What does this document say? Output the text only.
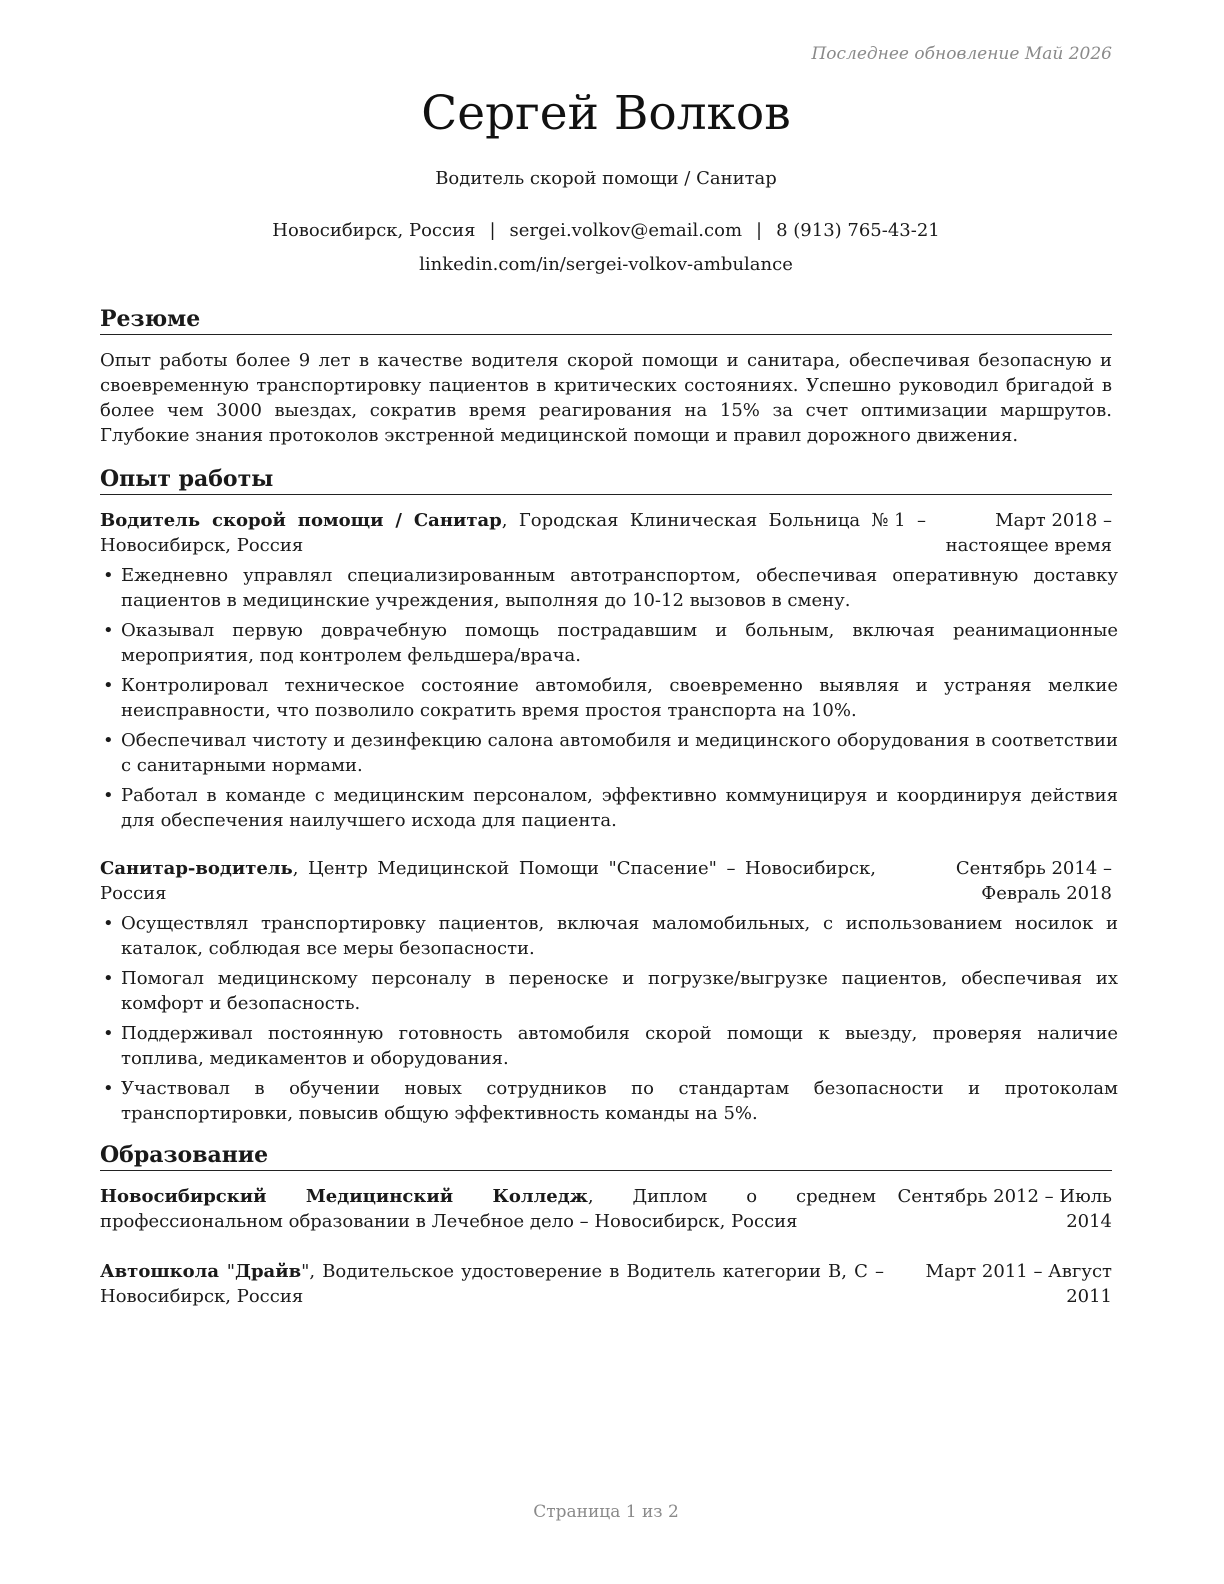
Последнее обновление Май 2026
Сергей Волков
Водитель скорой помощи / Санитар
Новосибирск, Россия | sergei.volkov@email.com | 8 (913) 765-43-21
linkedin.com/in/sergei-volkov-ambulance
Резюме
Опыт работы более 9 лет в качестве водителя скорой помощи и санитара, обеспечивая безопасную и своевременную транспортировку пациентов в критических состояниях. Успешно руководил бригадой в более чем 3000 выездах, сократив время реагирования на 15% за счет оптимизации маршрутов. Глубокие знания протоколов экстренной медицинской помощи и правил дорожного движения.
Опыт работы
Водитель скорой помощи / Санитар, Городская Клиническая Больница №1 – Новосибирск, Россия
Март 2018 – настоящее время
• Ежедневно управлял специализированным автотранспортом, обеспечивая оперативную доставку пациентов в медицинские учреждения, выполняя до 10-12 вызовов в смену.
• Оказывал первую доврачебную помощь пострадавшим и больным, включая реанимационные мероприятия, под контролем фельдшера/врача.
• Контролировал техническое состояние автомобиля, своевременно выявляя и устраняя мелкие неисправности, что позволило сократить время простоя транспорта на 10%.
• Обеспечивал чистоту и дезинфекцию салона автомобиля и медицинского оборудования в соответствии с санитарными нормами.
• Работал в команде с медицинским персоналом, эффективно коммуницируя и координируя действия для обеспечения наилучшего исхода для пациента.
Санитар-водитель, Центр Медицинской Помощи "Спасение" – Новосибирск, Россия
Сентябрь 2014 – Февраль 2018
• Осуществлял транспортировку пациентов, включая маломобильных, с использованием носилок и каталок, соблюдая все меры безопасности.
• Помогал медицинскому персоналу в переноске и погрузке/выгрузке пациентов, обеспечивая их комфорт и безопасность.
• Поддерживал постоянную готовность автомобиля скорой помощи к выезду, проверяя наличие топлива, медикаментов и оборудования.
• Участвовал в обучении новых сотрудников по стандартам безопасности и протоколам транспортировки, повысив общую эффективность команды на 5%.
Образование
Новосибирский Медицинский Колледж, Диплом о среднем профессиональном образовании в Лечебное дело – Новосибирск, Россия
Сентябрь 2012 – Июль 2014
Автошкола "Драйв", Водительское удостоверение в Водитель категории B, C – Новосибирск, Россия
Март 2011 – Август 2011
Страница 1 из 2
